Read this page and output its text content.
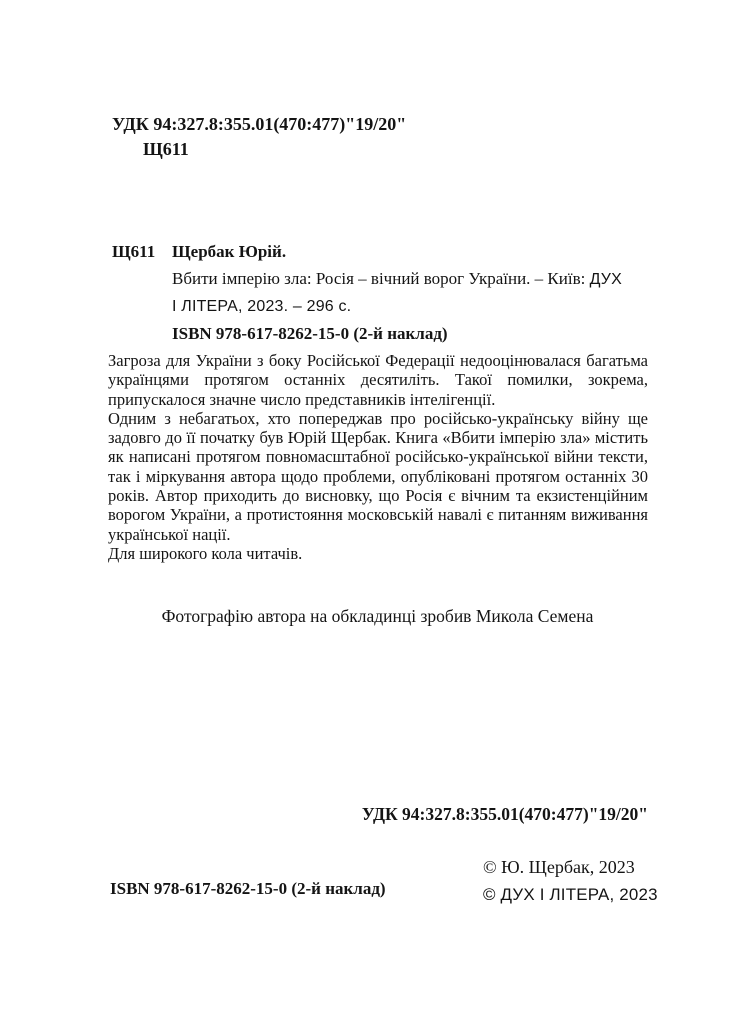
УДК 94:327.8:355.01(470:477)"19/20"
Щ611
Щ611 Щербак Юрій.
Вбити імперію зла: Росія – вічний ворог України. – Київ: ДУХ
І ЛІТЕРА, 2023. – 296 с.
ISBN 978-617-8262-15-0 (2-й наклад)

Загроза для України з боку Російської Федерації недооцінювалася багатьма українцями протягом останніх десятиліть. Такої помилки, зокрема, припускалося значне число представників інтелігенції.

Одним з небагатьох, хто попереджав про російсько-українську війну ще задовго до її початку був Юрій Щербак. Книга «Вбити імперію зла» містить як написані протягом повномасштабної російсько-української війни тексти, так і міркування автора щодо проблеми, опубліковані протягом останніх 30 років. Автор приходить до висновку, що Росія є вічним та екзистенційним ворогом України, а протистояння московській навалі є питанням виживання української нації.

Для широкого кола читачів.

Фотографію автора на обкладинці зробив Микола Семена
УДК 94:327.8:355.01(470:477)"19/20"
© Ю. Щербак, 2023
© ДУХ І ЛІТЕРА, 2023
ISBN 978-617-8262-15-0 (2-й наклад)
